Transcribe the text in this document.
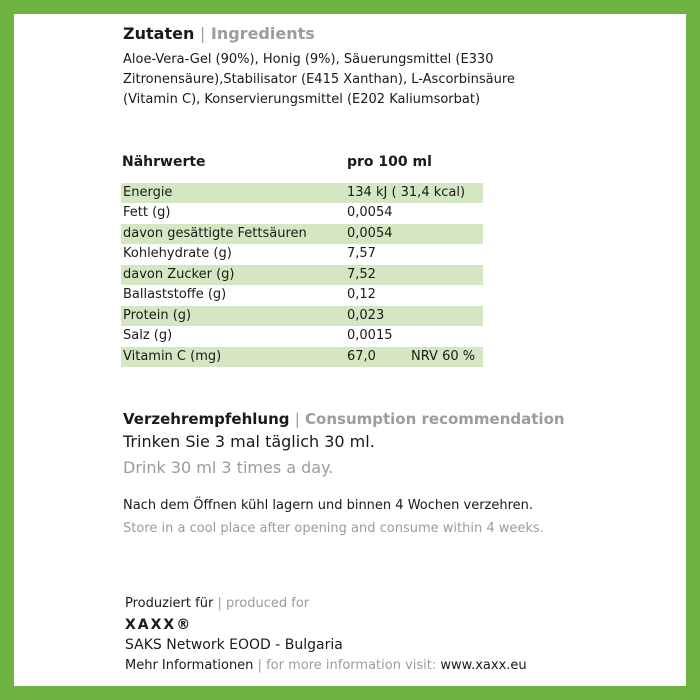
Zutaten | Ingredients
Aloe-Vera-Gel (90%), Honig (9%), Säuerungsmittel (E330 Zitronensäure),Stabilisator (E415 Xanthan), L-Ascorbinsäure (Vitamin C), Konservierungsmittel (E202 Kaliumsorbat)
Nährwerte	pro 100 ml
Energie	134 kJ ( 31,4 kcal)
Fett (g)	0,0054
davon gesättigte Fettsäuren	0,0054
Kohlehydrate (g)	7,57
davon Zucker (g)	7,52
Ballaststoffe (g)	0,12
Protein (g)	0,023
Salz (g)	0,0015
Vitamin C (mg)	67,0	NRV 60 %
Verzehrempfehlung | Consumption recommendation
Trinken Sie 3 mal täglich 30 ml.
Drink 30 ml 3 times a day.
Nach dem Öffnen kühl lagern und binnen 4 Wochen verzehren.
Store in a cool place after opening and consume within 4 weeks.
Produziert für | produced for
XAXX®
SAKS Network EOOD - Bulgaria
Mehr Informationen | for more information visit: www.xaxx.eu
